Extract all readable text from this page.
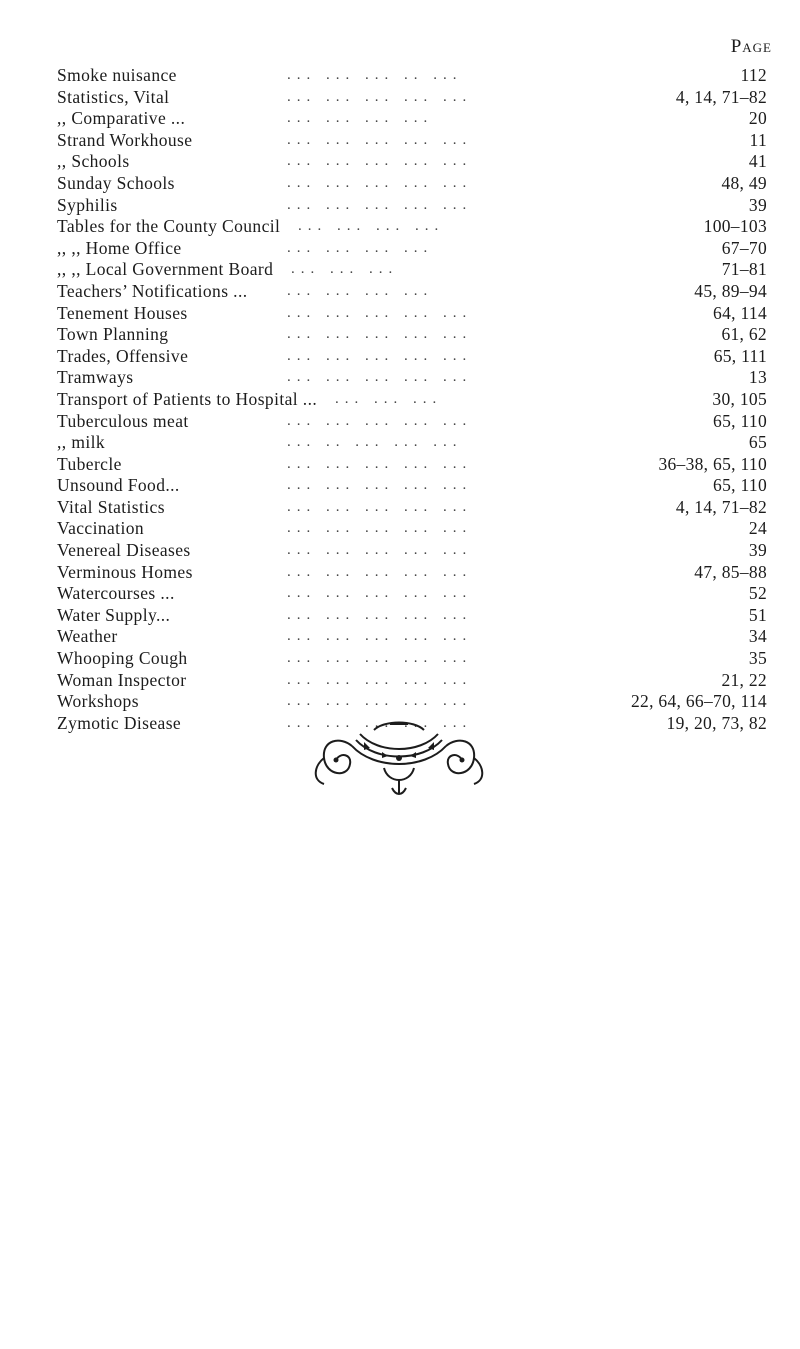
Page
Smoke nuisance	... ... ... .. ...	112
Statistics, Vital	... ... ... ... ...	4, 14, 71–82
,, Comparative ...	... ... ... ...	20
Strand Workhouse	... ... ... ... ...	11
,, Schools	... ... ... ... ...	41
Sunday Schools	... ... ... ... ...	48, 49
Syphilis	... ... ... ... ...	39
Tables for the County Council ... ... ... ...	100–103
,, ,, Home Office	... ... ... ...	67–70
,, ,, Local Government Board ... ... ...	71–81
Teachers’ Notifications ...	... ... ... ...	45, 89–94
Tenement Houses	... ... ... ... ...	64, 114
Town Planning	... ... ... ... ...	61, 62
Trades, Offensive	... ... ... ... ...	65, 111
Tramways	... ... ... ... ...	13
Transport of Patients to Hospital ... ... ... ...	30, 105
Tuberculous meat	... ... ... ... ...	65, 110
,, milk	... .. ... ... ...	65
Tubercle	... ... ... ... ...	36–38, 65, 110
Unsound Food...	... ... ... ... ...	65, 110
Vital Statistics	... ... ... ... ...	4, 14, 71–82
Vaccination	... ... ... ... ...	24
Venereal Diseases	... ... ... ... ...	39
Verminous Homes	... ... ... ... ...	47, 85–88
Watercourses ...	... ... ... ... ...	52
Water Supply...	... ... ... ... ...	51
Weather	... ... ... ... ...	34
Whooping Cough	... ... ... ... ...	35
Woman Inspector	... ... ... ... ...	21, 22
Workshops	... ... ... ... ...	22, 64, 66–70, 114
Zymotic Disease	... ... ... ... ...	19, 20, 73, 82
